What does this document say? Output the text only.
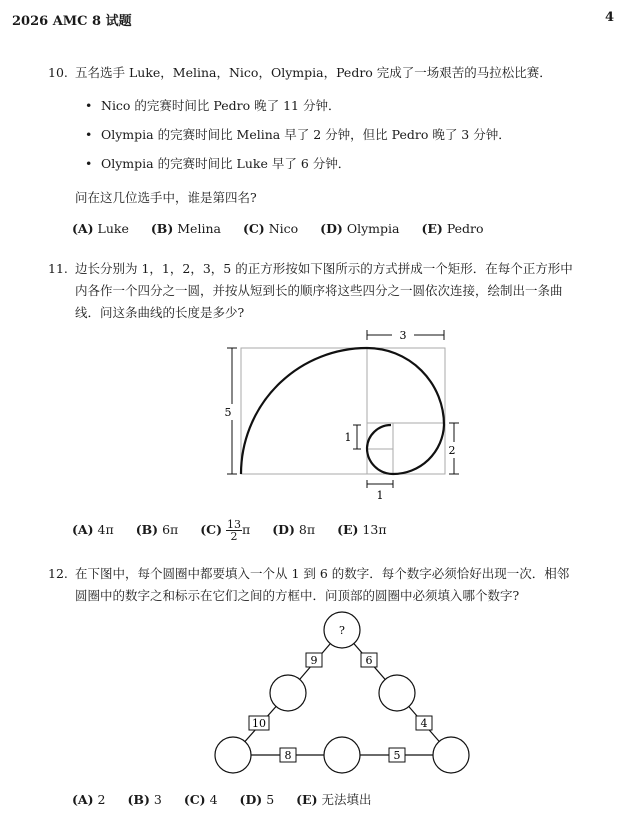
2026 AMC 8 试题	4
10. 五名选手 Luke，Melina，Nico，Olympia，Pedro 完成了一场艰苦的马拉松比赛．
• Nico 的完赛时间比 Pedro 晚了 11 分钟．
• Olympia 的完赛时间比 Melina 早了 2 分钟，但比 Pedro 晚了 3 分钟．
• Olympia 的完赛时间比 Luke 早了 6 分钟．
问在这几位选手中，谁是第四名?
(A) Luke (B) Melina (C) Nico (D) Olympia (E) Pedro
11. 边长分别为 1，1，2，3，5 的正方形按如下图所示的方式拼成一个矩形．在每个正方形中
内各作一个四分之一圆，并按从短到长的顺序将这些四分之一圆依次连接，绘制出一条曲
线．问这条曲线的长度是多少?
3
5
1
2
1
(A) 4π (B) 6π $(C) \frac{13}{2}$ π (D) 8π (E) 13π
12. 在下图中，每个圆圈中都要填入一个从 1 到 6 的数字．每个数字必须恰好出现一次．相邻
圆圈中的数字之和标示在它们之间的方框中．问顶部的圆圈中必须填入哪个数字?
?
9	6
10	4
8	5
(A) 2 (B) 3 (C) 4 (D) 5 (E) 无法填出
